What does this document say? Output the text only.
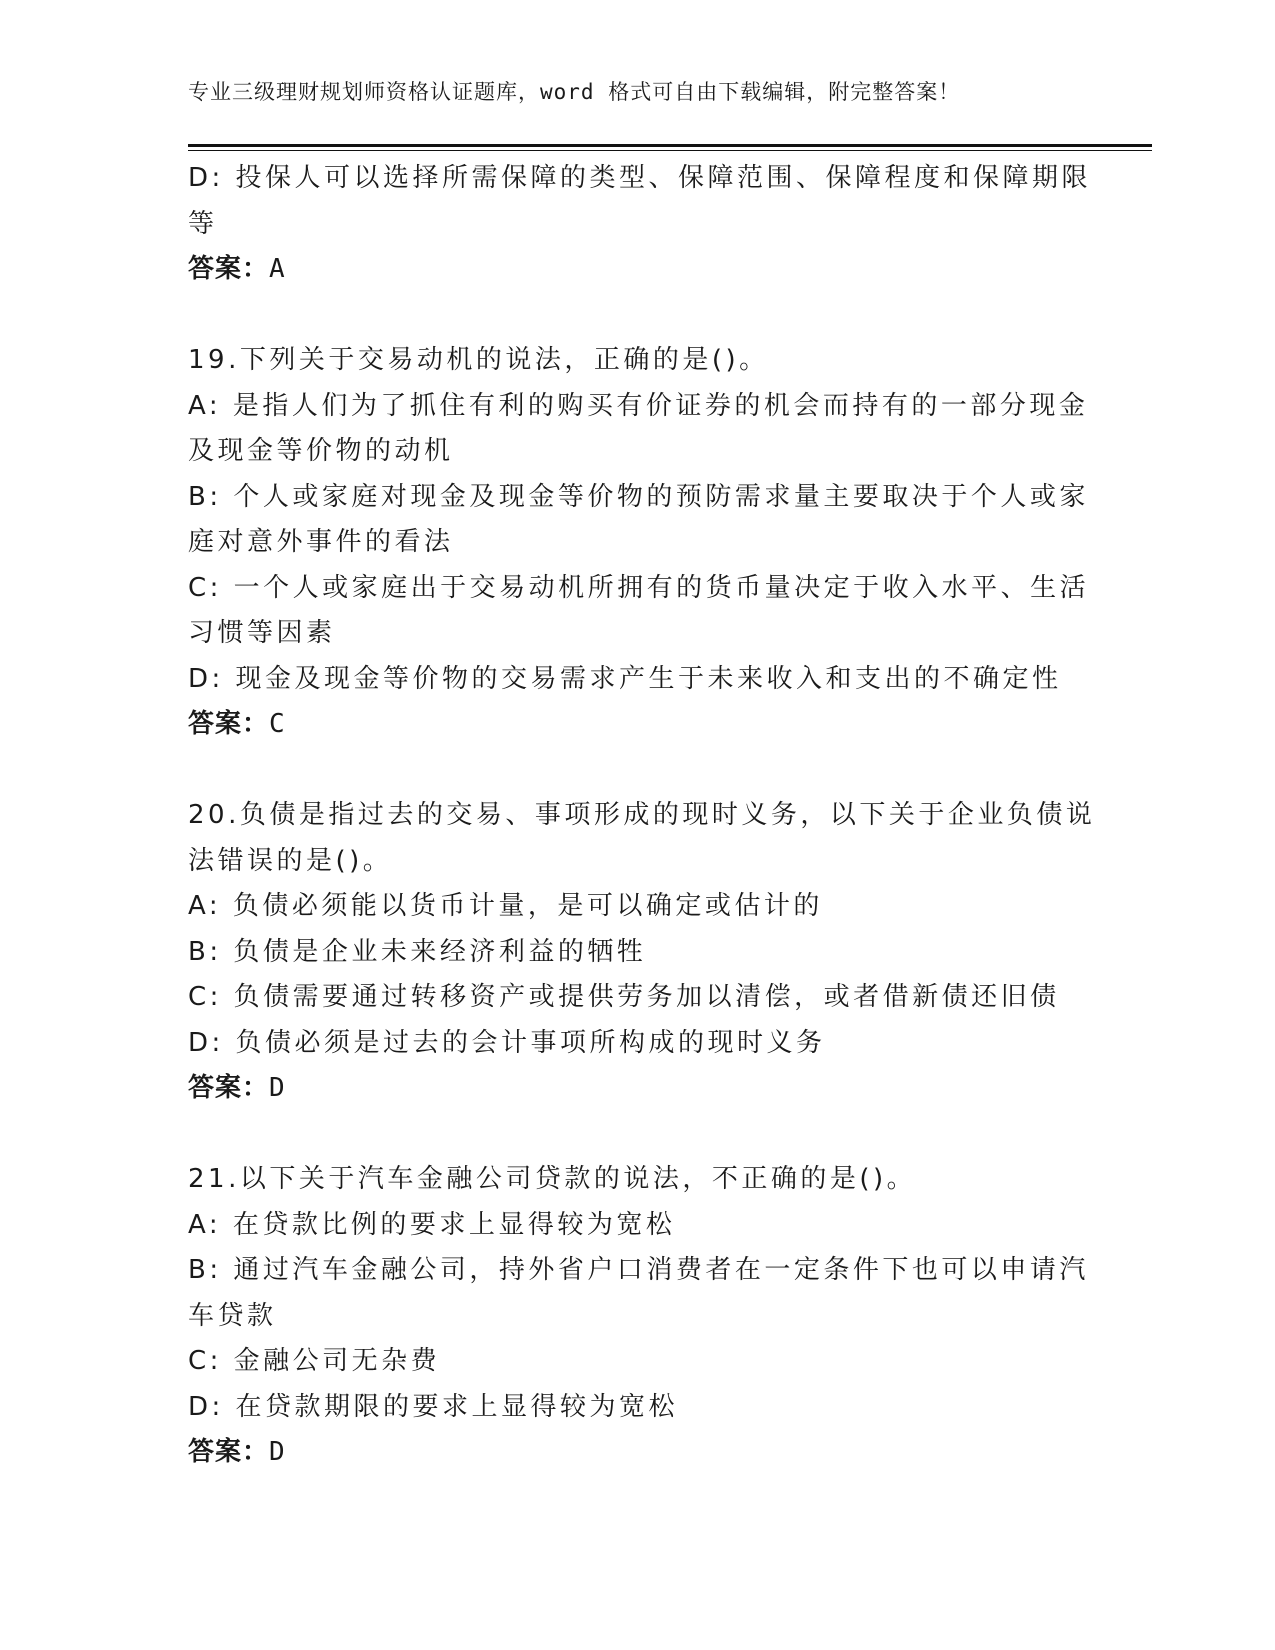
专业三级理财规划师资格认证题库，word 格式可自由下载编辑，附完整答案！
D: 投保人可以选择所需保障的类型、保障范围、保障程度和保障期限
等
答案：A
19.下列关于交易动机的说法，正确的是()。
A: 是指人们为了抓住有利的购买有价证券的机会而持有的一部分现金
及现金等价物的动机
B: 个人或家庭对现金及现金等价物的预防需求量主要取决于个人或家
庭对意外事件的看法
C: 一个人或家庭出于交易动机所拥有的货币量决定于收入水平、生活
习惯等因素
D: 现金及现金等价物的交易需求产生于未来收入和支出的不确定性
答案：C
20.负债是指过去的交易、事项形成的现时义务，以下关于企业负债说
法错误的是()。
A: 负债必须能以货币计量，是可以确定或估计的
B: 负债是企业未来经济利益的牺牲
C: 负债需要通过转移资产或提供劳务加以清偿，或者借新债还旧债
D: 负债必须是过去的会计事项所构成的现时义务
答案：D
21.以下关于汽车金融公司贷款的说法，不正确的是()。
A: 在贷款比例的要求上显得较为宽松
B: 通过汽车金融公司，持外省户口消费者在一定条件下也可以申请汽
车贷款
C: 金融公司无杂费
D: 在贷款期限的要求上显得较为宽松
答案：D
